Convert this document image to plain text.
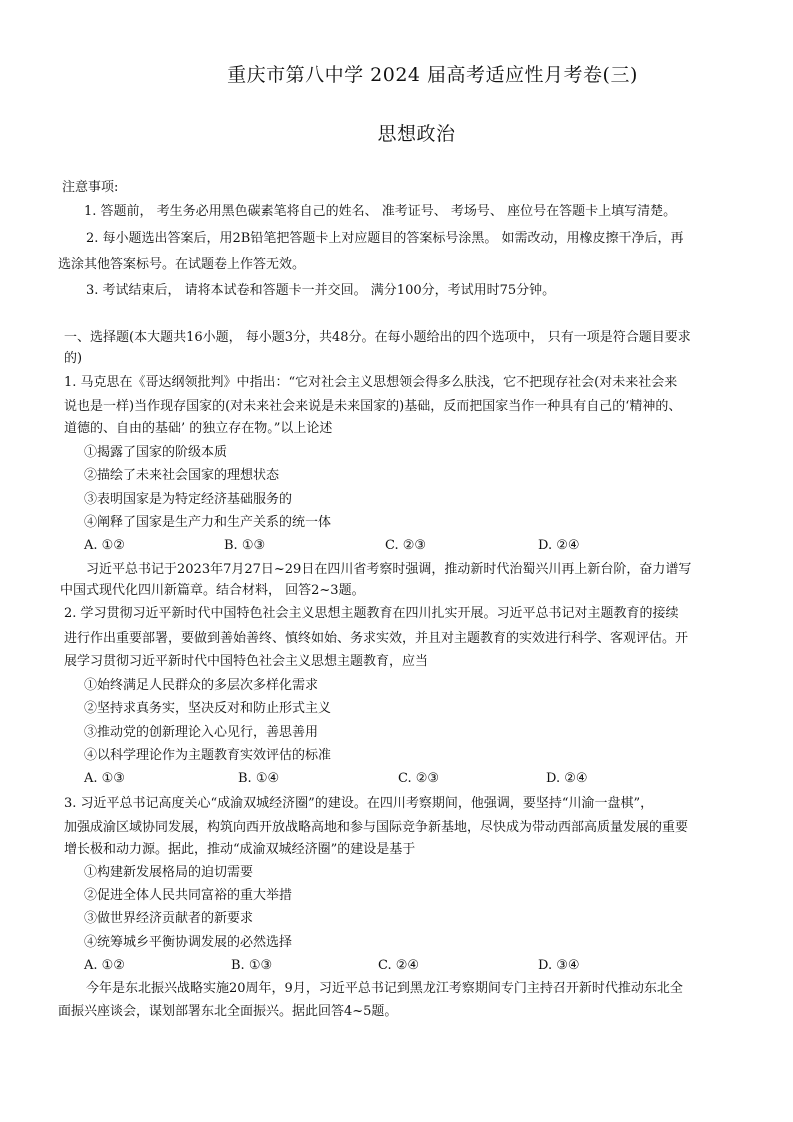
重庆市第八中学 2024 届高考适应性月考卷(三)
思想政治
注意事项:
1. 答题前， 考生务必用黑色碳素笔将自己的姓名、 准考证号、 考场号、 座位号在答题卡上填写清楚。
2. 每小题选出答案后，用2B铅笔把答题卡上对应题目的答案标号涂黑。 如需改动，用橡皮擦干净后，再
选涂其他答案标号。在试题卷上作答无效。
3. 考试结束后， 请将本试卷和答题卡一并交回。 满分100分，考试用时75分钟。
一、选择题(本大题共16小题， 每小题3分，共48分。在每小题给出的四个选项中， 只有一项是符合题目要求
的)
1. 马克思在《哥达纲领批判》中指出：“它对社会主义思想领会得多么肤浅，它不把现存社会(对未来社会来
说也是一样)当作现存国家的(对未来社会来说是未来国家的)基础，反而把国家当作一种具有自己的‘精神的、
道德的、自由的基础’ 的独立存在物。”以上论述
①揭露了国家的阶级本质
②描绘了未来社会国家的理想状态
③表明国家是为特定经济基础服务的
④阐释了国家是生产力和生产关系的统一体
A. ①②	B. ①③	C. ②③	D. ②④
习近平总书记于2023年7月27日~29日在四川省考察时强调，推动新时代治蜀兴川再上新台阶，奋力谱写
中国式现代化四川新篇章。结合材料， 回答2~3题。
2. 学习贯彻习近平新时代中国特色社会主义思想主题教育在四川扎实开展。习近平总书记对主题教育的接续
进行作出重要部署，要做到善始善终、慎终如始、务求实效，并且对主题教育的实效进行科学、客观评估。开
展学习贯彻习近平新时代中国特色社会主义思想主题教育，应当
①始终满足人民群众的多层次多样化需求
②坚持求真务实，坚决反对和防止形式主义
③推动党的创新理论入心见行，善思善用
④以科学理论作为主题教育实效评估的标准
A. ①③	B. ①④	C. ②③	D. ②④
3. 习近平总书记高度关心“成渝双城经济圈”的建设。在四川考察期间，他强调，要坚持“川渝一盘棋”，
加强成渝区域协同发展，构筑向西开放战略高地和参与国际竞争新基地，尽快成为带动西部高质量发展的重要
增长极和动力源。据此，推动“成渝双城经济圈”的建设是基于
①构建新发展格局的迫切需要
②促进全体人民共同富裕的重大举措
③做世界经济贡献者的新要求
④统筹城乡平衡协调发展的必然选择
A. ①②	B. ①③	C. ②④	D. ③④
今年是东北振兴战略实施20周年，9月，习近平总书记到黑龙江考察期间专门主持召开新时代推动东北全
面振兴座谈会，谋划部署东北全面振兴。据此回答4~5题。
